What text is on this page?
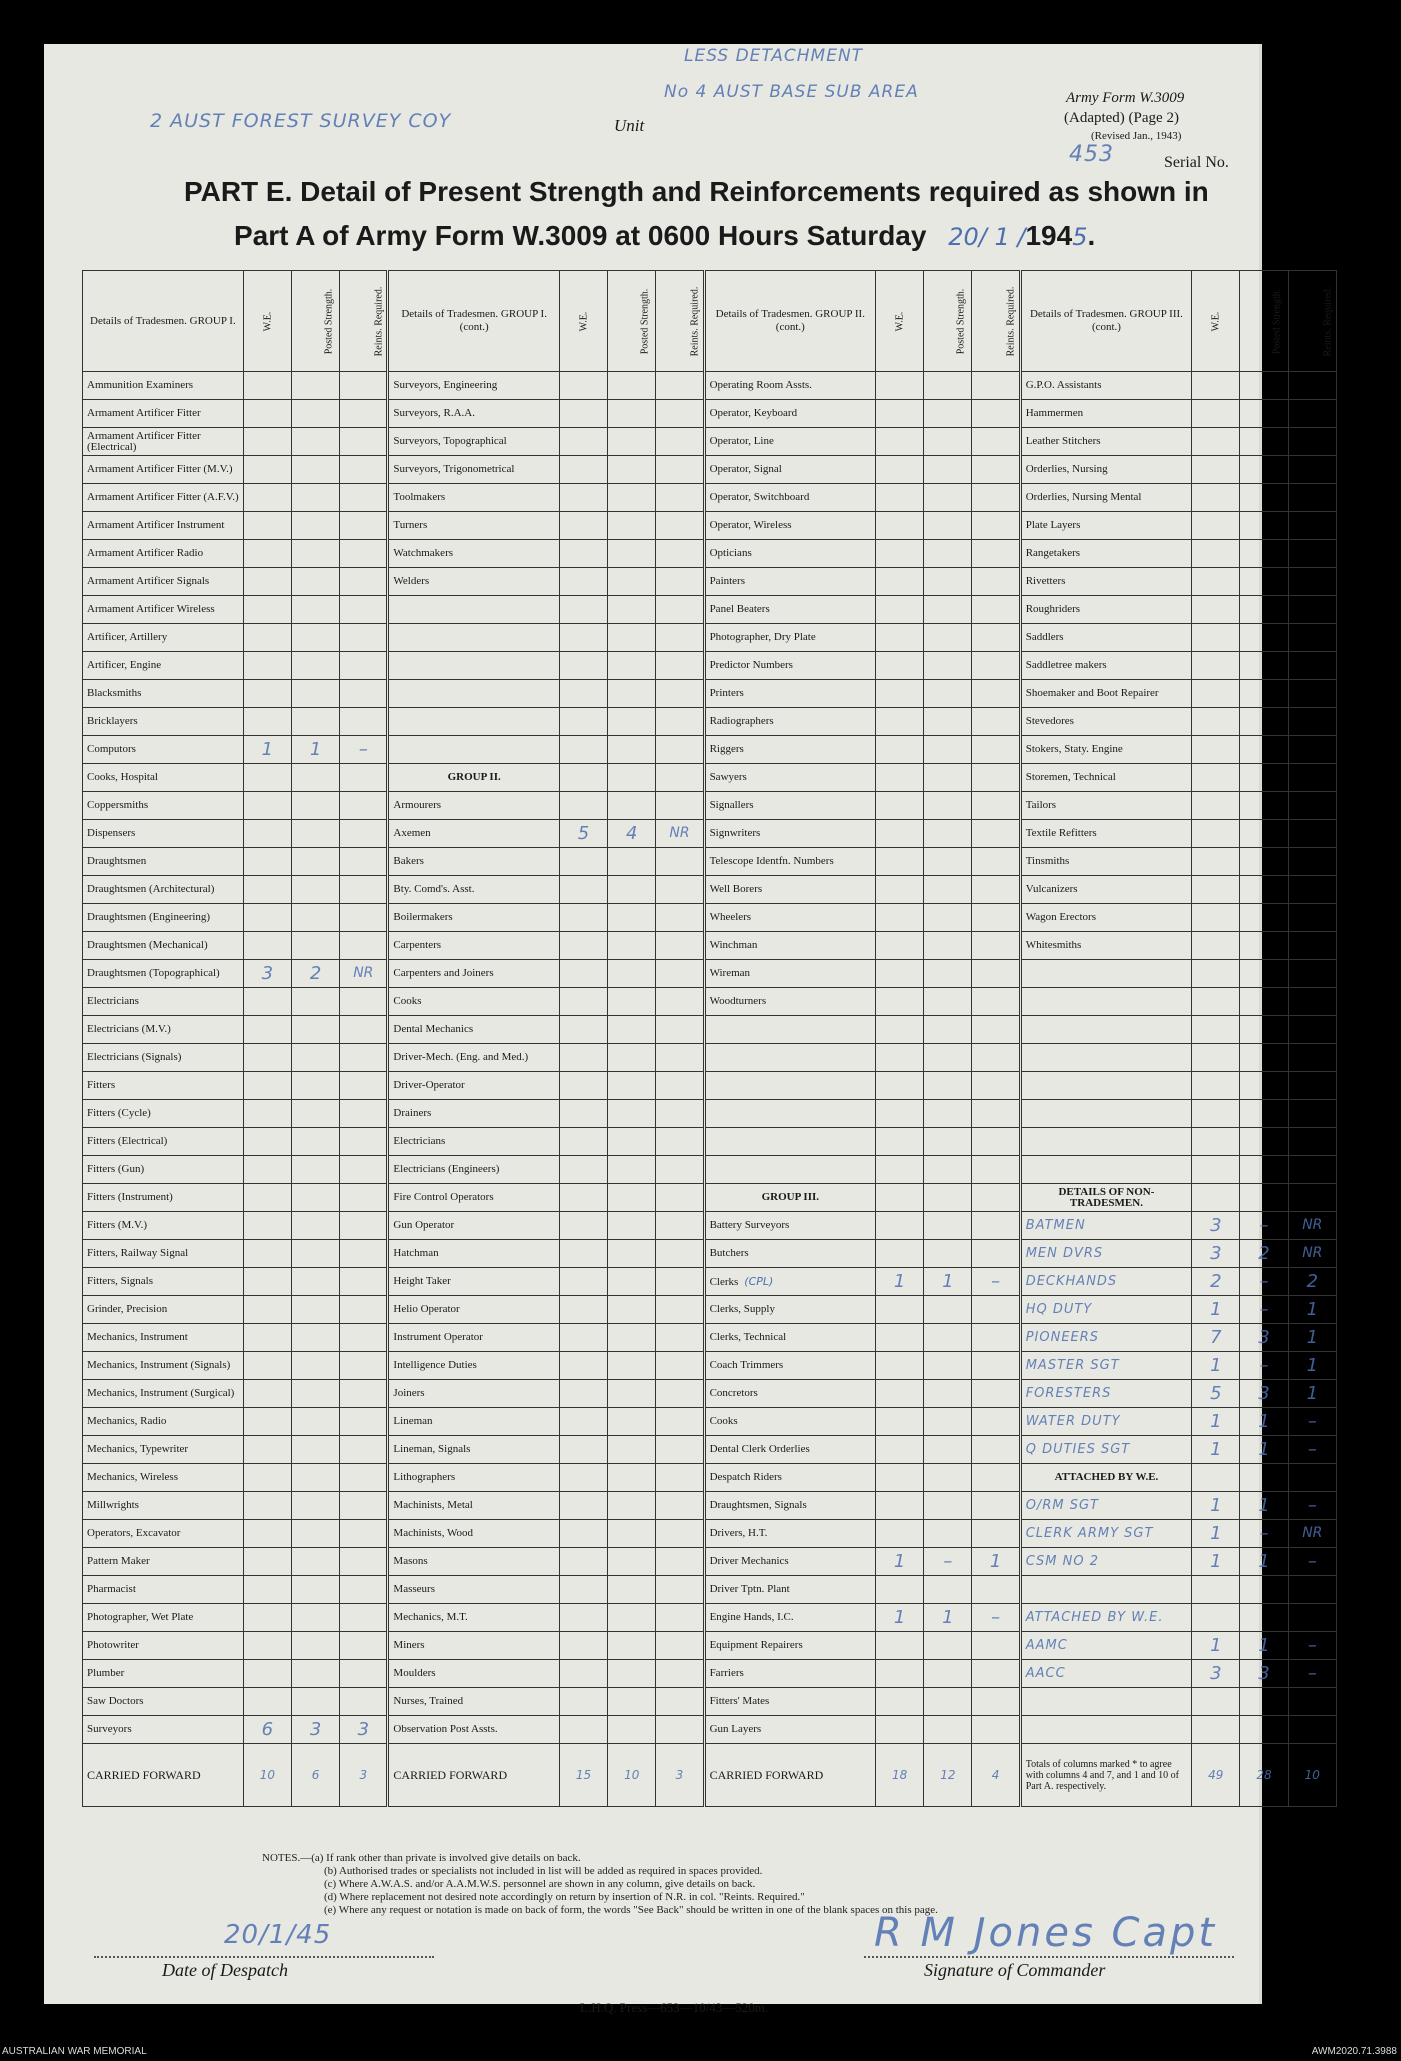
2 AUST FOREST SURVEY COY	Unit
LESS DETACHMENT
No 4 AUST BASE SUB AREA	Army Form W.3009
(Adapted) (Page 2)
(Revised Jan., 1943)
453	Serial No.
PART E. Detail of Present Strength and Reinforcements required as shown in
Part A of Army Form W.3009 at 0600 Hours Saturday 20/ 1 /1945.
Details of Tradesmen. GROUP I.	W.E.	Posted Strength.	Reints. Required.	Details of Tradesmen. GROUP I. (cont.)	W.E.	Posted Strength.	Reints. Required.	Details of Tradesmen. GROUP II. (cont.)	W.E.	Posted Strength.	Reints. Required.	Details of Tradesmen. GROUP III. (cont.)	W.E.	Posted Strength.	Reints. Required.
Ammunition Examiners				Surveyors, Engineering				Operating Room Assts.				G.P.O. Assistants			
Armament Artificer Fitter				Surveyors, R.A.A.				Operator, Keyboard				Hammermen			
Armament Artificer Fitter (Electrical)				Surveyors, Topographical				Operator, Line				Leather Stitchers			
Armament Artificer Fitter (M.V.)				Surveyors, Trigonometrical				Operator, Signal				Orderlies, Nursing			
Armament Artificer Fitter (A.F.V.)				Toolmakers				Operator, Switchboard				Orderlies, Nursing Mental			
Armament Artificer Instrument				Turners				Operator, Wireless				Plate Layers			
Armament Artificer Radio				Watchmakers				Opticians				Rangetakers			
Armament Artificer Signals				Welders				Painters				Rivetters			
Armament Artificer Wireless								Panel Beaters				Roughriders			
Artificer, Artillery								Photographer, Dry Plate				Saddlers			
Artificer, Engine								Predictor Numbers				Saddletree makers			
Blacksmiths								Printers				Shoemaker and Boot Repairer			
Bricklayers								Radiographers				Stevedores			
Computors	1	1	–					Riggers				Stokers, Staty. Engine			
Cooks, Hospital				GROUP II.				Sawyers				Storemen, Technical			
Coppersmiths				Armourers				Signallers				Tailors			
Dispensers				Axemen	5	4	NR	Signwriters				Textile Refitters			
Draughtsmen				Bakers				Telescope Identfn. Numbers				Tinsmiths			
Draughtsmen (Architectural)				Bty. Comd's. Asst.				Well Borers				Vulcanizers			
Draughtsmen (Engineering)				Boilermakers				Wheelers				Wagon Erectors			
Draughtsmen (Mechanical)				Carpenters				Winchman				Whitesmiths			
Draughtsmen (Topographical)	3	2	NR	Carpenters and Joiners				Wireman							
Electricians				Cooks				Woodturners							
Electricians (M.V.)				Dental Mechanics											
Electricians (Signals)				Driver-Mech. (Eng. and Med.)											
Fitters				Driver-Operator											
Fitters (Cycle)				Drainers											
Fitters (Electrical)				Electricians											
Fitters (Gun)				Electricians (Engineers)											
Fitters (Instrument)				Fire Control Operators				GROUP III.				DETAILS OF NON-TRADESMEN.			
Fitters (M.V.)				Gun Operator				Battery Surveyors				BATMEN	3	–	NR
Fitters, Railway Signal				Hatchman				Butchers				MEN DVRS	3	2	NR
Fitters, Signals				Height Taker				Clerks (CPL)	1	1	–	DECKHANDS	2	–	2
Grinder, Precision				Helio Operator				Clerks, Supply				HQ DUTY	1	–	1
Mechanics, Instrument				Instrument Operator				Clerks, Technical				PIONEERS	7	3	1
Mechanics, Instrument (Signals)				Intelligence Duties				Coach Trimmers				MASTER SGT	1	–	1
Mechanics, Instrument (Surgical)				Joiners				Concretors				FORESTERS	5	3	1
Mechanics, Radio				Lineman				Cooks				WATER DUTY	1	1	–
Mechanics, Typewriter				Lineman, Signals				Dental Clerk Orderlies				Q DUTIES SGT	1	1	–
Mechanics, Wireless				Lithographers				Despatch Riders				ATTACHED BY W.E.			
Millwrights				Machinists, Metal				Draughtsmen, Signals				O/RM SGT	1	1	–
Operators, Excavator				Machinists, Wood				Drivers, H.T.				CLERK ARMY SGT	1	–	NR
Pattern Maker				Masons				Driver Mechanics	1	–	1	CSM NO 2	1	1	–
Pharmacist				Masseurs				Driver Tptn. Plant							
Photographer, Wet Plate				Mechanics, M.T.				Engine Hands, I.C.	1	1	–	ATTACHED BY W.E.			
Photowriter				Miners				Equipment Repairers				AAMC	1	1	–
Plumber				Moulders				Farriers				AACC	3	3	–
Saw Doctors				Nurses, Trained				Fitters' Mates							
Surveyors	6	3	3	Observation Post Assts.				Gun Layers							
CARRIED FORWARD	10	6	3	CARRIED FORWARD	15	10	3	CARRIED FORWARD	18	12	4	Totals of columns marked * to agree with columns 4 and 7, and 1 and 10 of Part A. respectively.	49	28	10
NOTES.—(a) If rank other than private is involved give details on back.
(b) Authorised trades or specialists not included in list will be added as required in spaces provided.
(c) Where A.W.A.S. and/or A.A.M.W.S. personnel are shown in any column, give details on back.
(d) Where replacement not desired note accordingly on return by insertion of N.R. in col. "Reints. Required."
(e) Where any request or notation is made on back of form, the words "See Back" should be written in one of the blank spaces on this page.
20/1/45
Date of Despatch
R M Jones Capt
Signature of Commander
L.H.Q. Press—653—10/43—520m.
AUSTRALIAN WAR MEMORIAL	AWM2020.71.3988
